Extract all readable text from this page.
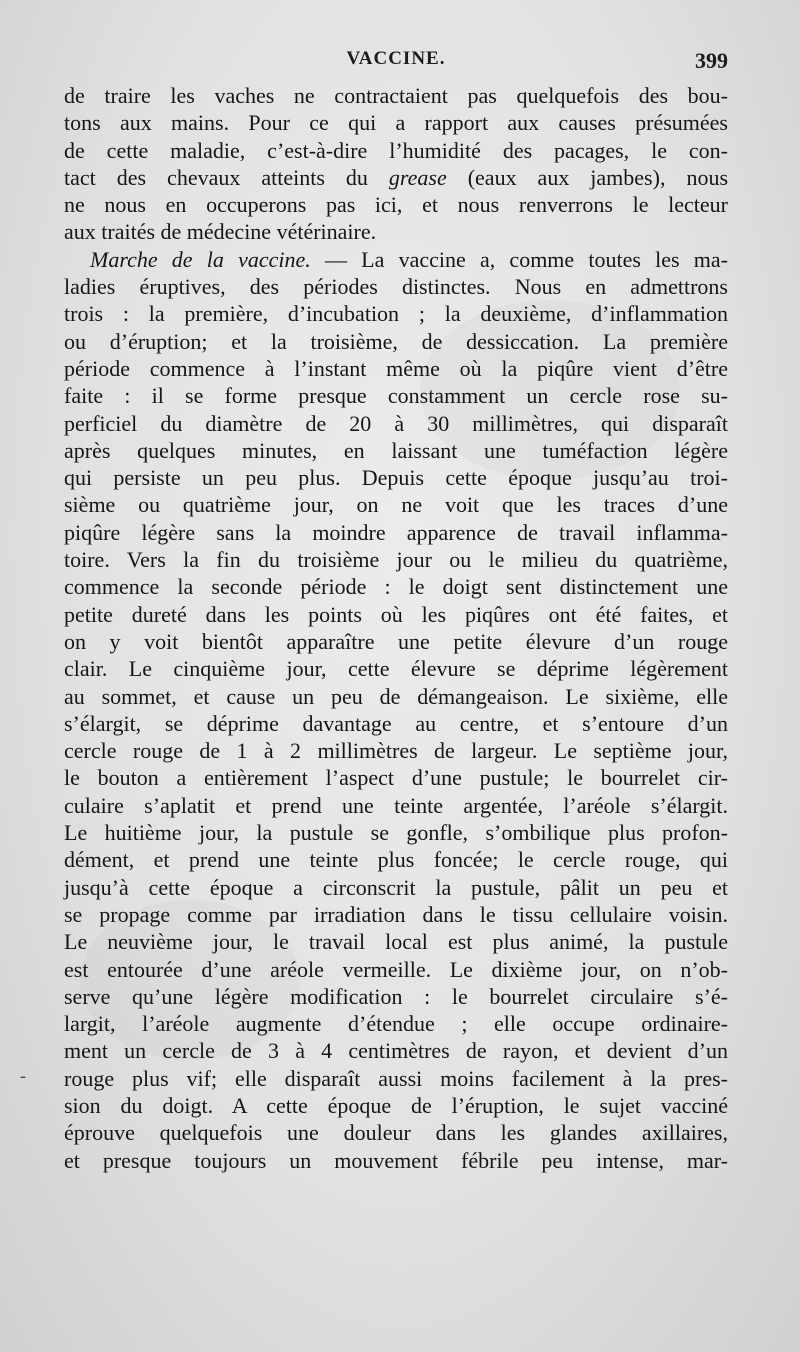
VACCINE.	399
-
de traire les vaches ne contractaient pas quelquefois des bou-
tons aux mains. Pour ce qui a rapport aux causes présumées
de cette maladie, c’est-à-dire l’humidité des pacages, le con-
tact des chevaux atteints du grease (eaux aux jambes), nous
ne nous en occuperons pas ici, et nous renverrons le lecteur
aux traités de médecine vétérinaire.
Marche de la vaccine. — La vaccine a, comme toutes les ma-
ladies éruptives, des périodes distinctes. Nous en admettrons
trois : la première, d’incubation ; la deuxième, d’inflammation
ou d’éruption; et la troisième, de dessiccation. La première
période commence à l’instant même où la piqûre vient d’être
faite : il se forme presque constamment un cercle rose su-
perficiel du diamètre de 20 à 30 millimètres, qui disparaît
après quelques minutes, en laissant une tuméfaction légère
qui persiste un peu plus. Depuis cette époque jusqu’au troi-
sième ou quatrième jour, on ne voit que les traces d’une
piqûre légère sans la moindre apparence de travail inflamma-
toire. Vers la fin du troisième jour ou le milieu du quatrième,
commence la seconde période : le doigt sent distinctement une
petite dureté dans les points où les piqûres ont été faites, et
on y voit bientôt apparaître une petite élevure d’un rouge
clair. Le cinquième jour, cette élevure se déprime légèrement
au sommet, et cause un peu de démangeaison. Le sixième, elle
s’élargit, se déprime davantage au centre, et s’entoure d’un
cercle rouge de 1 à 2 millimètres de largeur. Le septième jour,
le bouton a entièrement l’aspect d’une pustule; le bourrelet cir-
culaire s’aplatit et prend une teinte argentée, l’aréole s’élargit.
Le huitième jour, la pustule se gonfle, s’ombilique plus profon-
dément, et prend une teinte plus foncée; le cercle rouge, qui
jusqu’à cette époque a circonscrit la pustule, pâlit un peu et
se propage comme par irradiation dans le tissu cellulaire voisin.
Le neuvième jour, le travail local est plus animé, la pustule
est entourée d’une aréole vermeille. Le dixième jour, on n’ob-
serve qu’une légère modification : le bourrelet circulaire s’é-
largit, l’aréole augmente d’étendue ; elle occupe ordinaire-
ment un cercle de 3 à 4 centimètres de rayon, et devient d’un
rouge plus vif; elle disparaît aussi moins facilement à la pres-
sion du doigt. A cette époque de l’éruption, le sujet vacciné
éprouve quelquefois une douleur dans les glandes axillaires,
et presque toujours un mouvement fébrile peu intense, mar-
